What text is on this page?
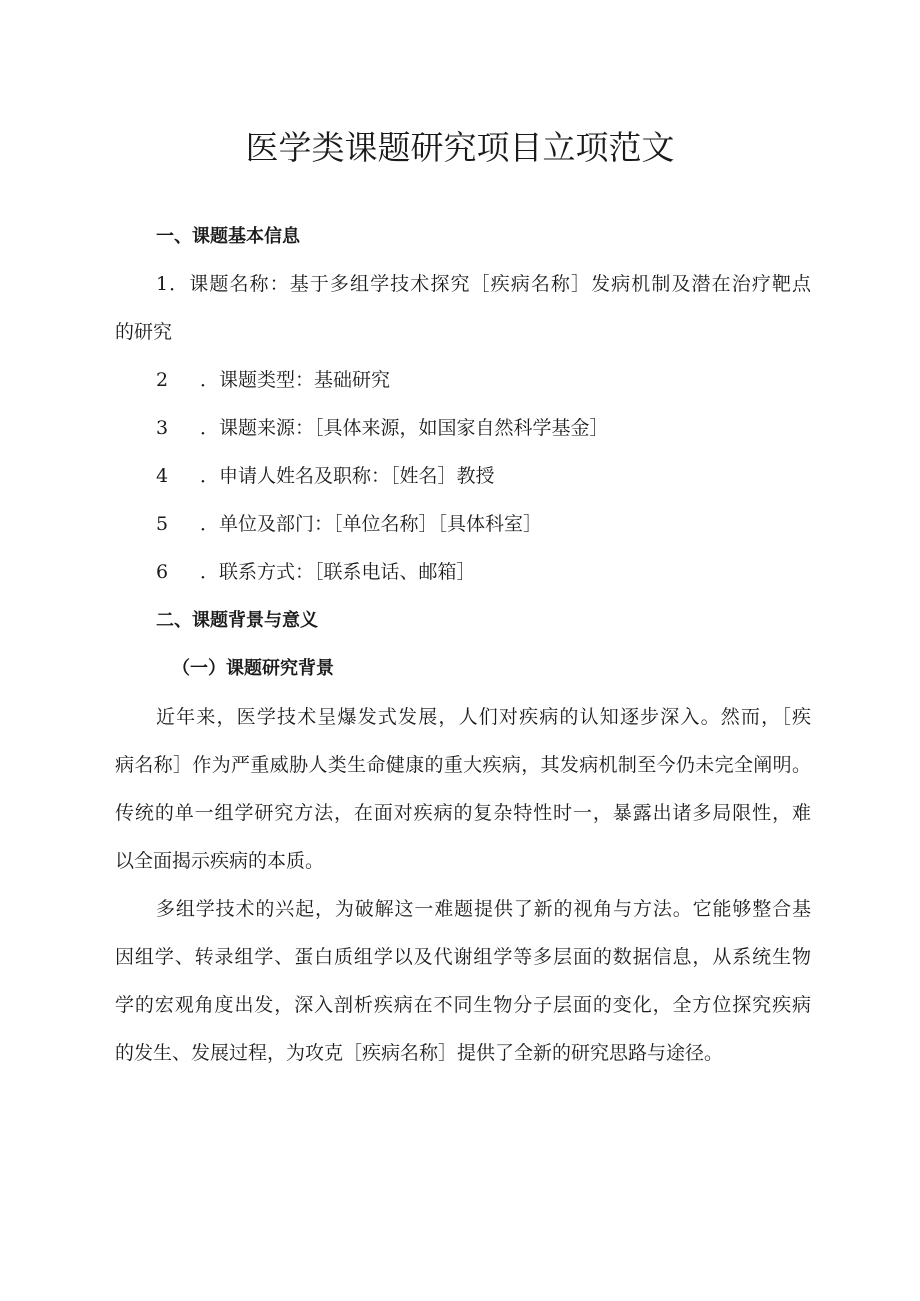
医学类课题研究项目立项范文
一、课题基本信息
1．课题名称：基于多组学技术探究［疾病名称］发病机制及潜在治疗靶点
的研究
2 ．课题类型：基础研究
3 ．课题来源：［具体来源，如国家自然科学基金］
4 ．申请人姓名及职称：［姓名］教授
5 ．单位及部门：［单位名称］［具体科室］
6 ．联系方式：［联系电话、邮箱］
二、课题背景与意义
（一）课题研究背景
近年来，医学技术呈爆发式发展，人们对疾病的认知逐步深入。然而，［疾
病名称］作为严重威胁人类生命健康的重大疾病，其发病机制至今仍未完全阐明。
传统的单一组学研究方法，在面对疾病的复杂特性时一，暴露出诸多局限性，难
以全面揭示疾病的本质。
多组学技术的兴起，为破解这一难题提供了新的视角与方法。它能够整合基
因组学、转录组学、蛋白质组学以及代谢组学等多层面的数据信息，从系统生物
学的宏观角度出发，深入剖析疾病在不同生物分子层面的变化，全方位探究疾病
的发生、发展过程，为攻克［疾病名称］提供了全新的研究思路与途径。
